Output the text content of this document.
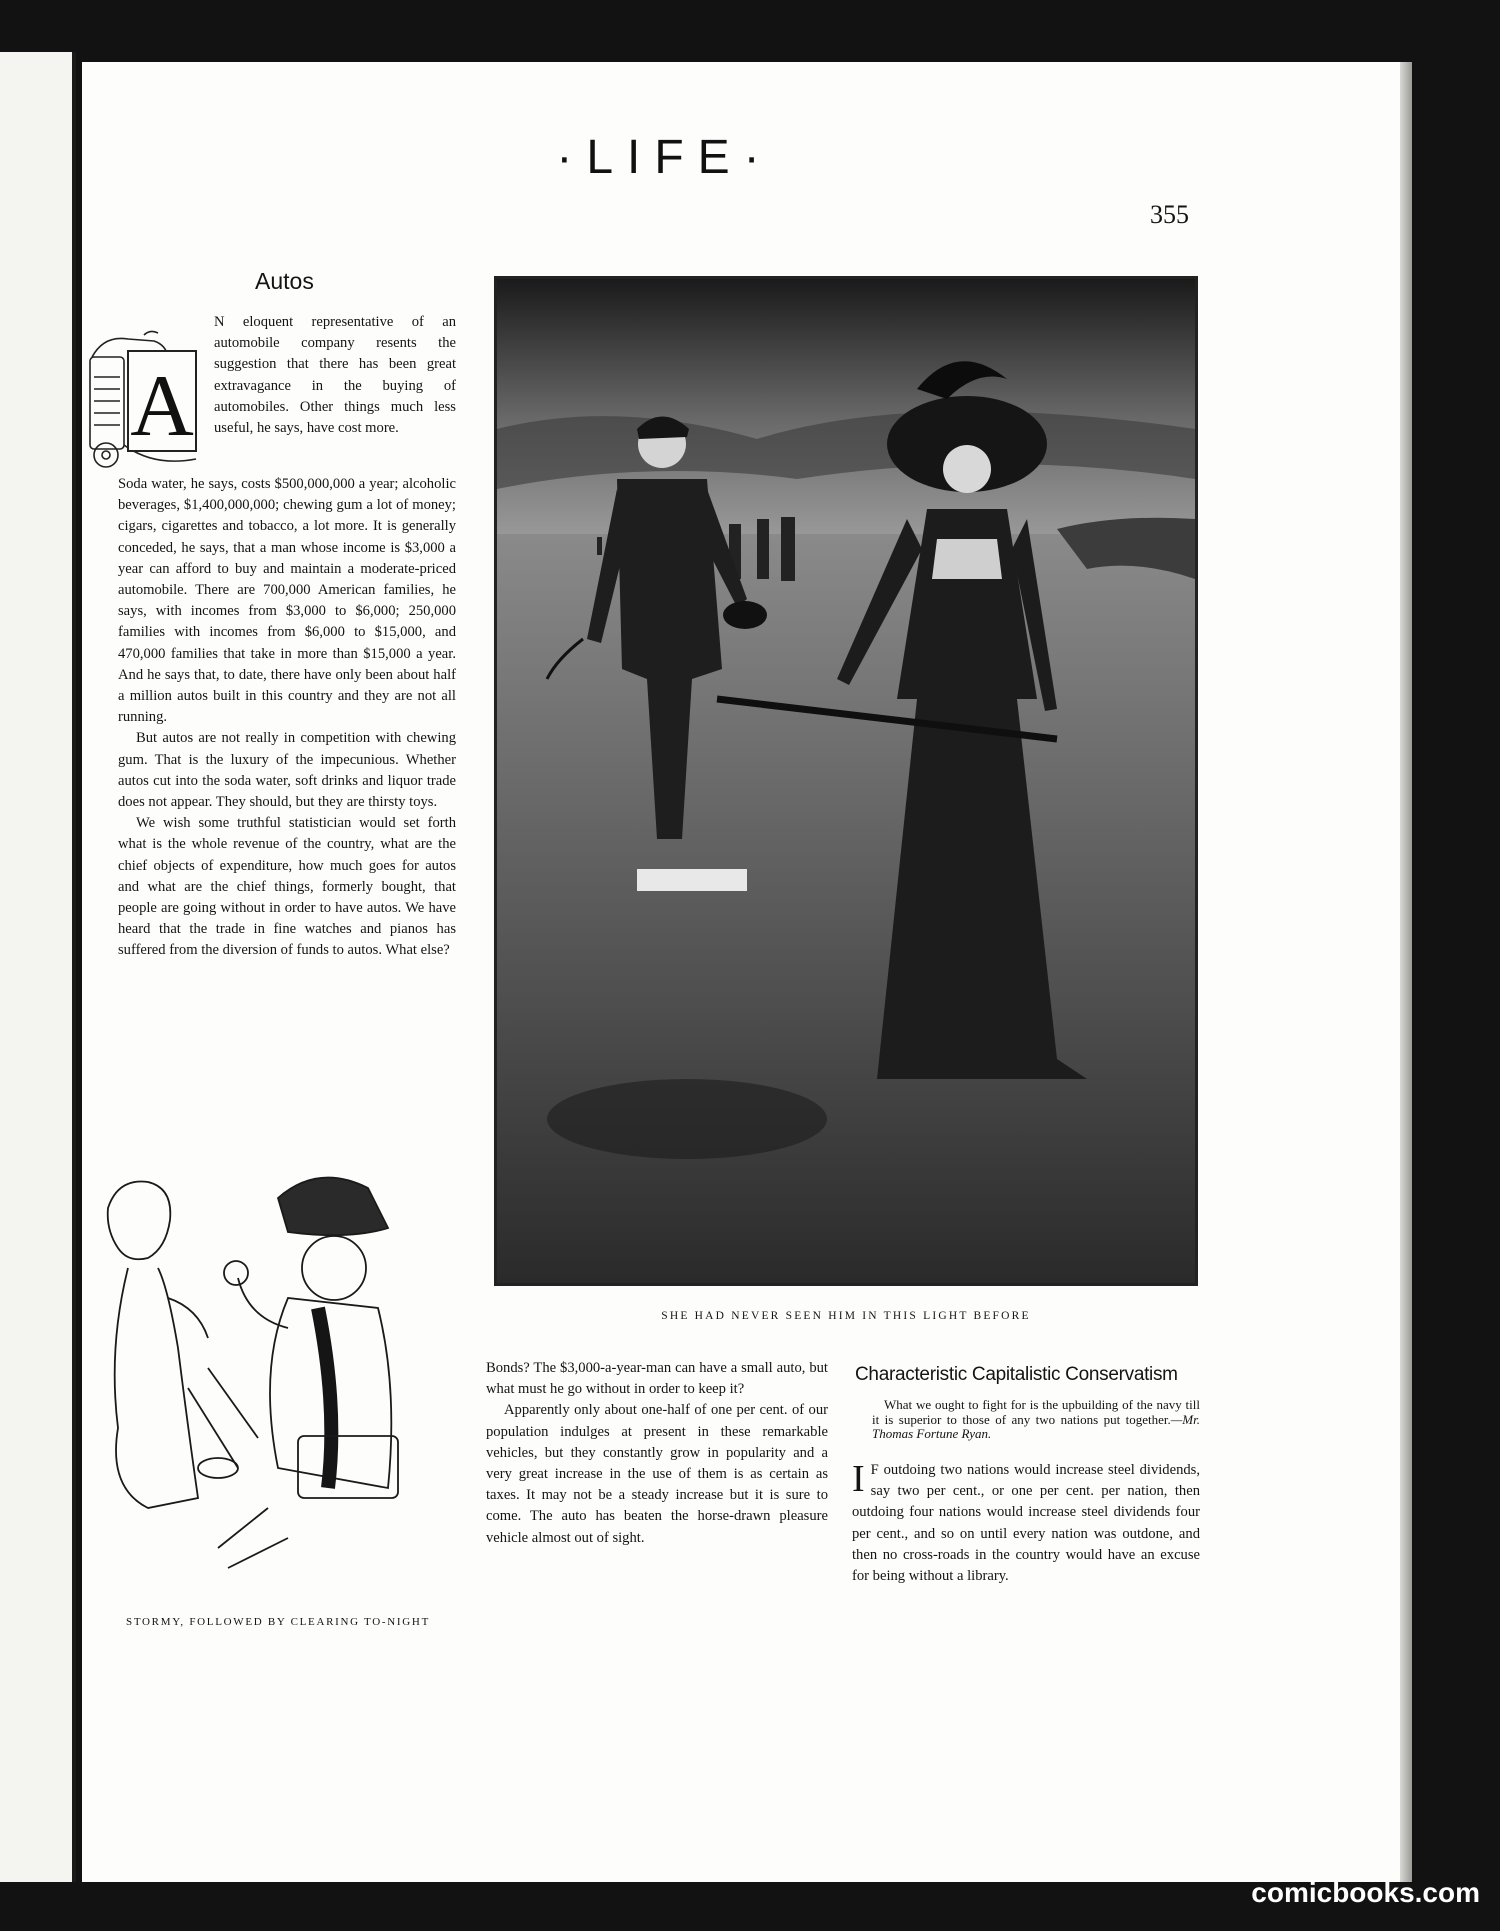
·LIFE·
355
Autos
A
N eloquent representative of an automobile company resents the suggestion that there has been great extravagance in the buying of automobiles. Other things much less useful, he says, have cost more.

Soda water, he says, costs $500,000,000 a year; alcoholic beverages, $1,400,000,000; chewing gum a lot of money; cigars, cigarettes and tobacco, a lot more. It is generally conceded, he says, that a man whose income is $3,000 a year can afford to buy and maintain a moderate-priced automobile. There are 700,000 American families, he says, with incomes from $3,000 to $6,000; 250,000 families with incomes from $6,000 to $15,000, and 470,000 families that take in more than $15,000 a year. And he says that, to date, there have only been about half a million autos built in this country and they are not all running.

But autos are not really in competition with chewing gum. That is the luxury of the impecunious. Whether autos cut into the soda water, soft drinks and liquor trade does not appear. They should, but they are thirsty toys.

We wish some truthful statistician would set forth what is the whole revenue of the country, what are the chief objects of expenditure, how much goes for autos and what are the chief things, formerly bought, that people are going without in order to have autos. We have heard that the trade in fine watches and pianos has suffered from the diversion of funds to autos. What else?

SHE HAD NEVER SEEN HIM IN THIS LIGHT BEFORE
STORMY, FOLLOWED BY CLEARING TO-NIGHT

Bonds? The $3,000-a-year-man can have a small auto, but what must he go without in order to keep it?

Apparently only about one-half of one per cent. of our population indulges at present in these remarkable vehicles, but they constantly grow in popularity and a very great increase in the use of them is as certain as taxes. It may not be a steady increase but it is sure to come. The auto has beaten the horse-drawn pleasure vehicle almost out of sight.

Characteristic Capitalistic Conservatism
What we ought to fight for is the upbuilding of the navy till it is superior to those of any two nations put together.—Mr. Thomas Fortune Ryan.

I F outdoing two nations would increase steel dividends, say two per cent., or one per cent. per nation, then outdoing four nations would increase steel dividends four per cent., and so on until every nation was outdone, and then no cross-roads in the country would have an excuse for being without a library.

comicbooks.com
